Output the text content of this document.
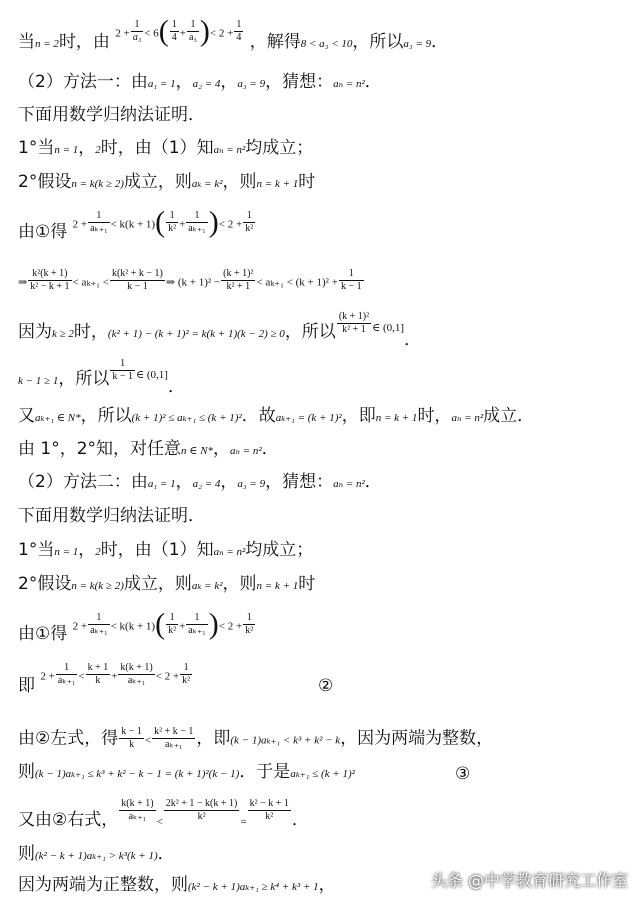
当n = 2时，由 $2 + \frac{1}{\text{a₃}} < 6( \frac{1}{4} + \frac{1}{\text{a₃}}$ )< $2 + \frac{1}{4}$ ，解得8 < a₃ < 10，所以a₃ = 9．
（2）方法一：由a₁ = 1，a₂ = 4，a₃ = 9，猜想：aₙ = n²．
下面用数学归纳法证明．
1°当n = 1，2时，由（1）知aₙ = n²均成立；
2°假设n = k(k ≥ 2)成立，则aₖ = k²，则n = k + 1时
由①得 $2 + \frac{1}{\text{aₖ₊₁}} < k(k + 1)( \frac{1}{\text{k²}} + \frac{1}{\text{aₖ₊₁}}$ )< $2 + \frac{1}{\text{k²}}$
⇒ $\frac{\text{k²(k + 1)}}{\text{k² − k + 1}} < a_{k+1} < \frac{\text{k(k² + k − 1)}}{k - 1}$ ⇒ $(k + 1)^2 - \frac{\text{(k + 1)²}}{\text{k² + 1}} < a_{k+1} < (k + 1)^2 + \frac{1}{k - 1}$
因为k ≥ 2时，(k² + 1) − (k + 1)² = k(k + 1)(k − 2) ≥ 0，所以 $\frac{\text{(k + 1)²}}{\text{k² + 1}} ^{\in (0,1]}$．
k − 1 ≥ 1，所以 $\frac{1}{k - 1} ^{\in (0,1]}$．
又aₖ₊₁ ∈ N*，所以(k + 1)² ≤ aₖ₊₁ ≤ (k + 1)²．故aₖ₊₁ = (k + 1)²，即n = k + 1时，aₙ = n²成立．
由 1°，2°知，对任意n ∈ N*，aₙ = n²．
（2）方法二：由a₁ = 1，a₂ = 4，a₃ = 9，猜想：aₙ = n²．
下面用数学归纳法证明．
1°当n = 1，2时，由（1）知aₙ = n²均成立；
2°假设n = k(k ≥ 2)成立，则aₖ = k²，则n = k + 1时
由①得 $2 + \frac{1}{\text{aₖ₊₁}} < k(k + 1)( \frac{1}{\text{k²}} + \frac{1}{\text{aₖ₊₁}}$ )< $2 + \frac{1}{\text{k²}}$
即 $2 + \frac{1}{\text{aₖ₊₁}} < \frac{k + 1}{k} + \frac{k(k + 1)}{\text{aₖ₊₁}} < 2 + \frac{1}{\text{k²}}$	②
由②左式，得 $\frac{k - 1}{k} < \frac{\text{k² + k − 1}}{\text{aₖ₊₁}}$ ，即(k − 1)aₖ₊₁ < k³ + k² − k，因为两端为整数，
则(k − 1)aₖ₊₁ ≤ k³ + k² − k − 1 = (k + 1)²(k − 1)．于是aₖ₊₁ ≤ (k + 1)²	③
又由②右式， $\frac{k(k + 1)}{\text{aₖ₊₁}} < \frac{\text{2k² + 1 − k(k + 1)}}{\text{k²}} = \frac{\text{k² − k + 1}}{\text{k²}}$ ．
则(k² − k + 1)aₖ₊₁ > k³(k + 1)．
因为两端为正整数，则(k² − k + 1)aₖ₊₁ ≥ k⁴ + k³ + 1，	头条 @中学教育研究工作室
